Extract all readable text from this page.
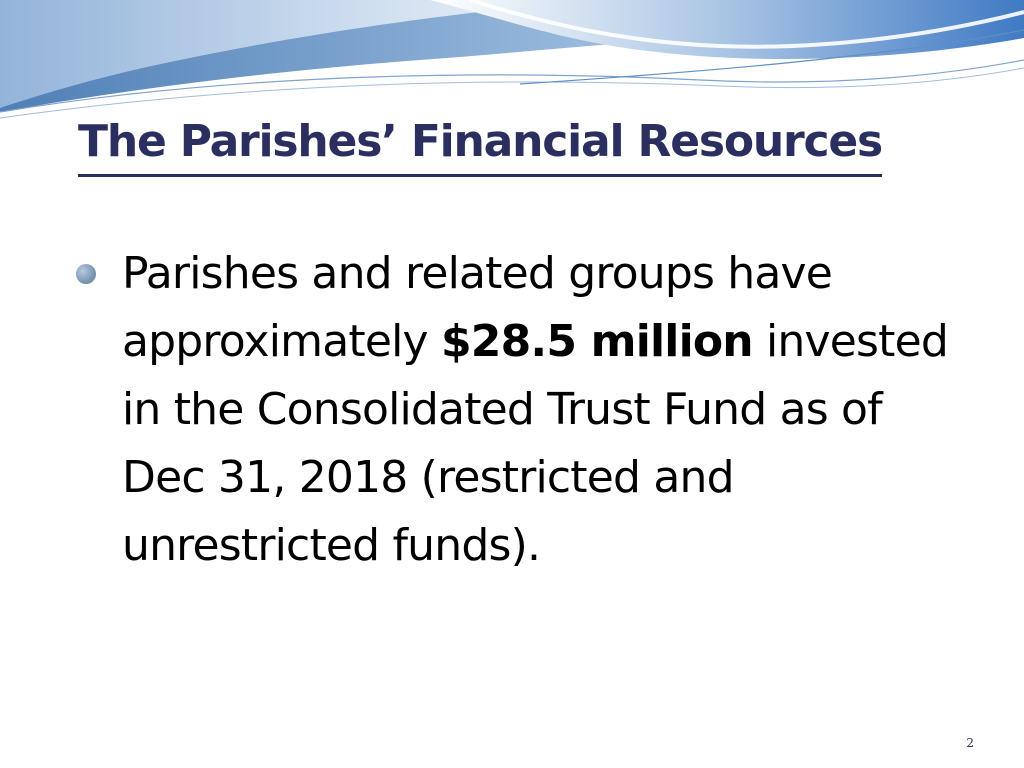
The Parishes’ Financial Resources
Parishes and related groups have approximately $28.5 million invested in the Consolidated Trust Fund as of Dec 31, 2018 (restricted and unrestricted funds).
2
